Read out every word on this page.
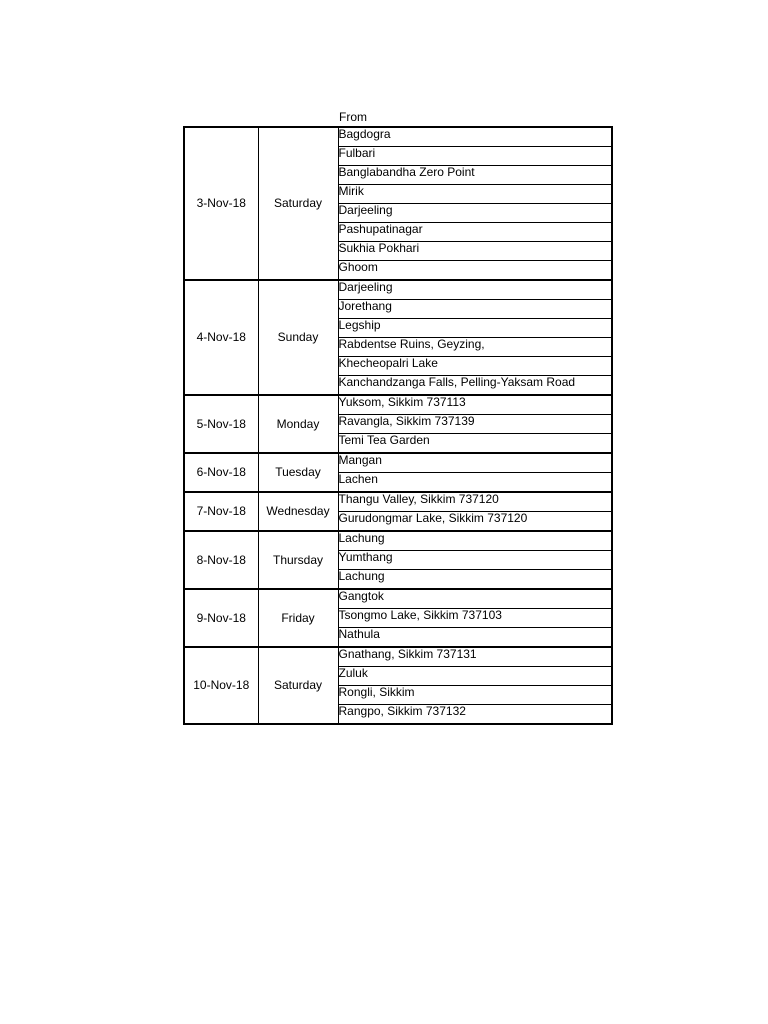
From
3-Nov-18	Saturday	Bagdogra
		Fulbari
		Banglabandha Zero Point
		Mirik
		Darjeeling
		Pashupatinagar
		Sukhia Pokhari
		Ghoom
4-Nov-18	Sunday	Darjeeling
		Jorethang
		Legship
		Rabdentse Ruins, Geyzing,
		Khecheopalri Lake
		Kanchandzanga Falls, Pelling-Yaksam Road
5-Nov-18	Monday	Yuksom, Sikkim 737113
		Ravangla, Sikkim 737139
		Temi Tea Garden
6-Nov-18	Tuesday	Mangan
		Lachen
7-Nov-18	Wednesday	Thangu Valley, Sikkim 737120
		Gurudongmar Lake, Sikkim 737120
8-Nov-18	Thursday	Lachung
		Yumthang
		Lachung
9-Nov-18	Friday	Gangtok
		Tsongmo Lake, Sikkim 737103
		Nathula
10-Nov-18	Saturday	Gnathang, Sikkim 737131
		Zuluk
		Rongli, Sikkim
		Rangpo, Sikkim 737132
